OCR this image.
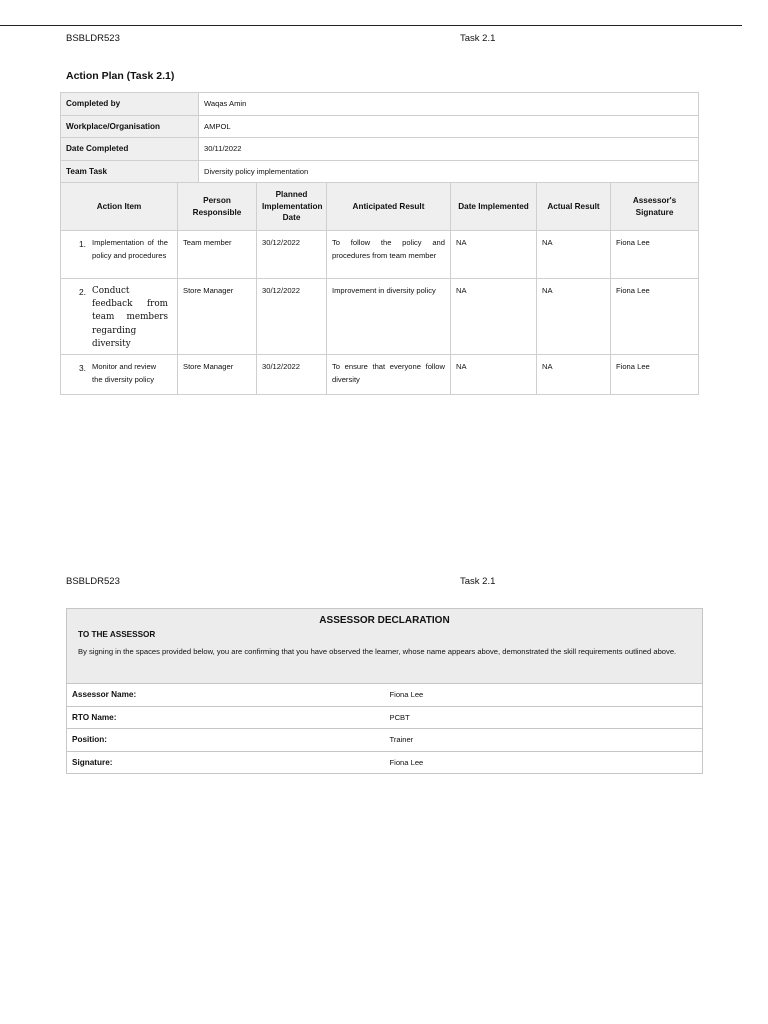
BSBLDR523	Task 2.1
Action Plan (Task 2.1)
Completed by	Waqas Amin
Workplace/Organisation	AMPOL
Date Completed	30/11/2022
Team Task	Diversity policy implementation
Action Item	Person Responsible	Planned Implementation Date	Anticipated Result	Date Implemented	Actual Result	Assessor's Signature
1. Implementation of the policy and procedures	Team member	30/12/2022	To follow the policy and procedures from team member	NA	NA	Fiona Lee
2. Conduct feedback from team members regarding diversity	Store Manager	30/12/2022	Improvement in diversity policy	NA	NA	Fiona Lee
3. Monitor and review the diversity policy	Store Manager	30/12/2022	To ensure that everyone follow diversity	NA	NA	Fiona Lee
BSBLDR523	Task 2.1
ASSESSOR DECLARATION
TO THE ASSESSOR
By signing in the spaces provided below, you are confirming that you have observed the learner, whose name appears above, demonstrated the skill requirements outlined above.	

Assessor Name:	Fiona Lee
RTO Name:	PCBT
Position:	Trainer
Signature:	Fiona Lee
